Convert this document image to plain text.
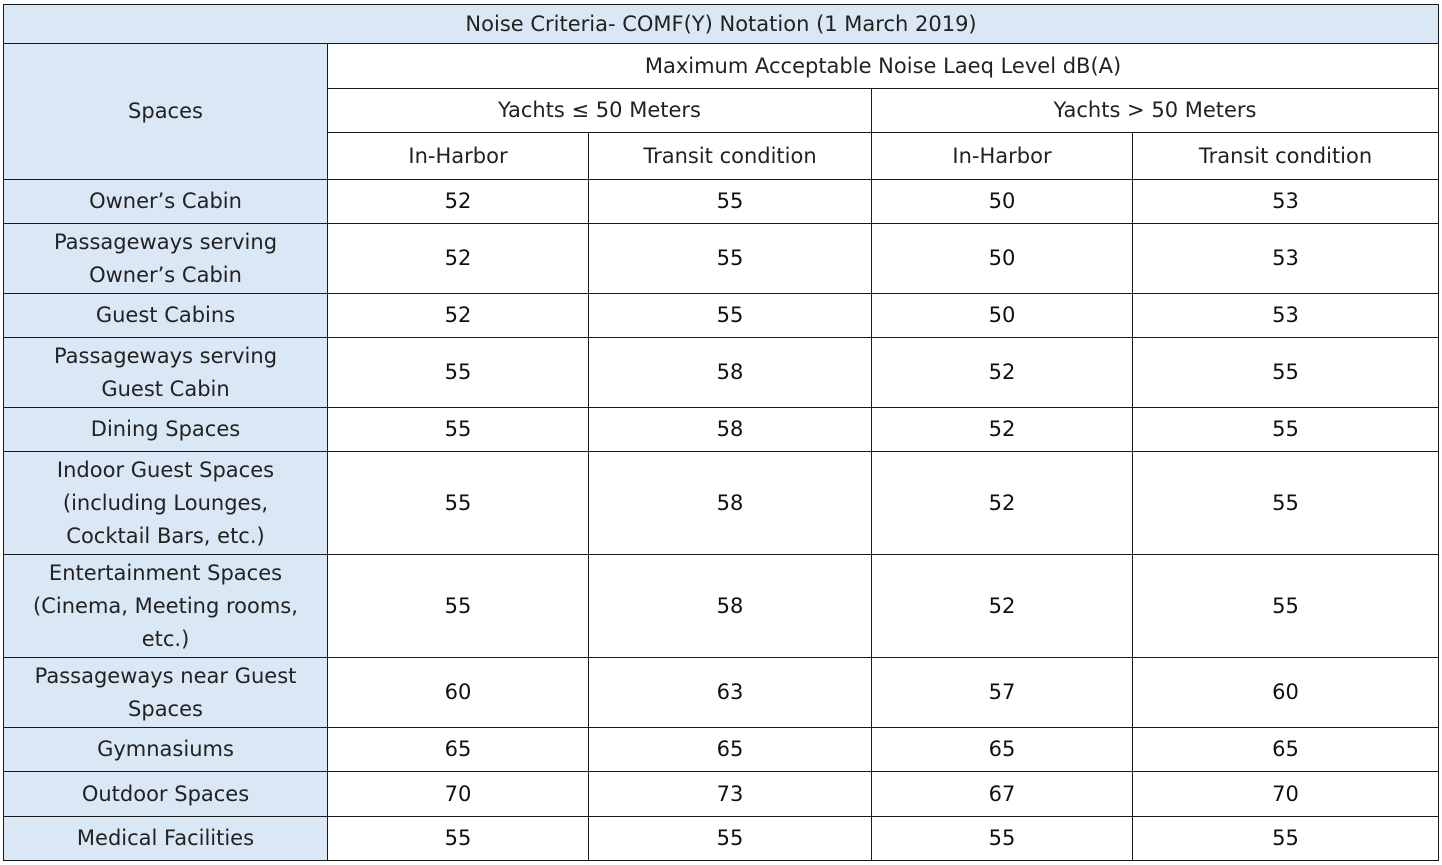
Noise Criteria- COMF(Y) Notation (1 March 2019)				
Spaces	Maximum Acceptable Noise Laeq Level dB(A)			
	Yachts ≤ 50 Meters		Yachts > 50 Meters	
	In-Harbor	Transit condition	In-Harbor	Transit condition

Owner’s Cabin	52	55	50	53

Passageways serving
Owner’s Cabin	52	55	50	53

Guest Cabins	52	55	50	53

Passageways serving
Guest Cabin	55	58	52	55

Dining Spaces	55	58	52	55

Indoor Guest Spaces
(including Lounges,
Cocktail Bars, etc.)	55	58	52	55

Entertainment Spaces
(Cinema, Meeting rooms,
etc.)	55	58	52	55

Passageways near Guest
Spaces	60	63	57	60

Gymnasiums	65	65	65	65

Outdoor Spaces	70	73	67	70

Medical Facilities	55	55	55	55
